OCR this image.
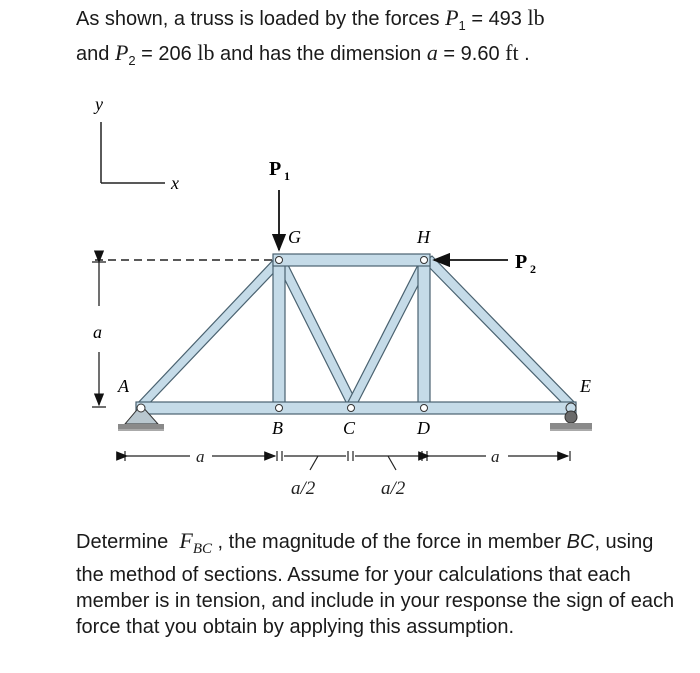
As shown, a truss is loaded by the forces $P_1 = 493$ lb
and $P_2 = 206$ lb and has the dimension a = 9.60 ft .
y
x
a
P 1
P 2
A
B	C	D
E
G	H
a	a
a/2	a/2
Determine  $F_{BC}$ , the magnitude of the force in member BC, using the method of sections. Assume for your calculations that each member is in tension, and include in your response the sign of each force that you obtain by applying this assumption.
